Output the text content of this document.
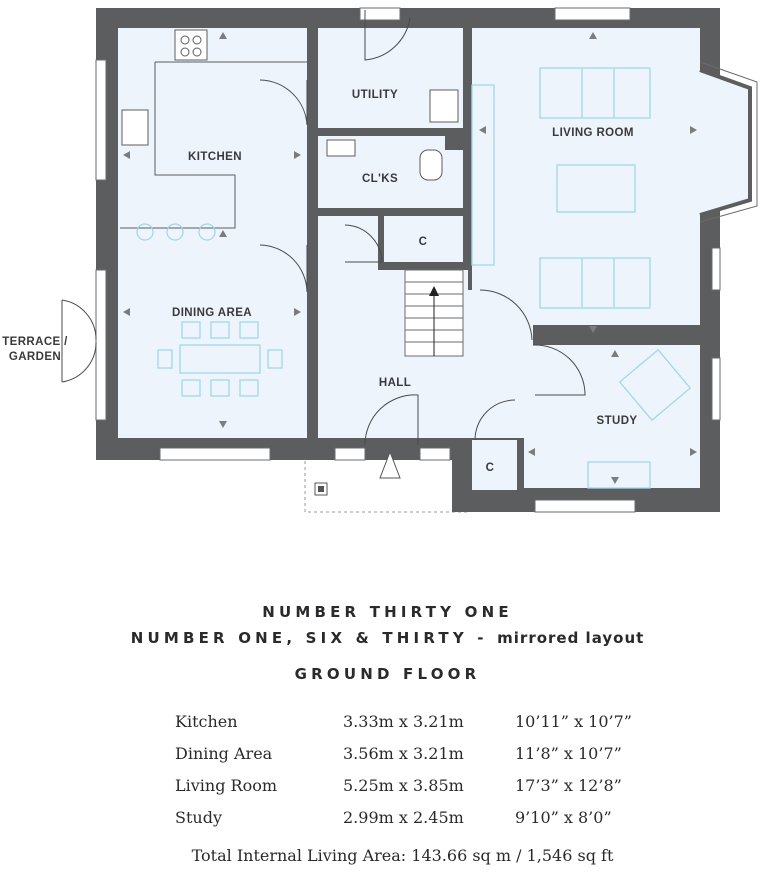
KITCHEN
UTILITY
LIVING ROOM
CL'KS
C
DINING AREA
HALL
STUDY
C
TERRACE /
GARDEN
NUMBER THIRTY ONE
NUMBER ONE, SIX & THIRTY - mirrored layout
GROUND FLOOR
Kitchen	3.33m x 3.21m	10’11” x 10’7”
Dining Area	3.56m x 3.21m	11’8” x 10’7”
Living Room	5.25m x 3.85m	17’3” x 12’8”
Study	2.99m x 2.45m	9’10” x 8’0”
Total Internal Living Area: 143.66 sq m / 1,546 sq ft
